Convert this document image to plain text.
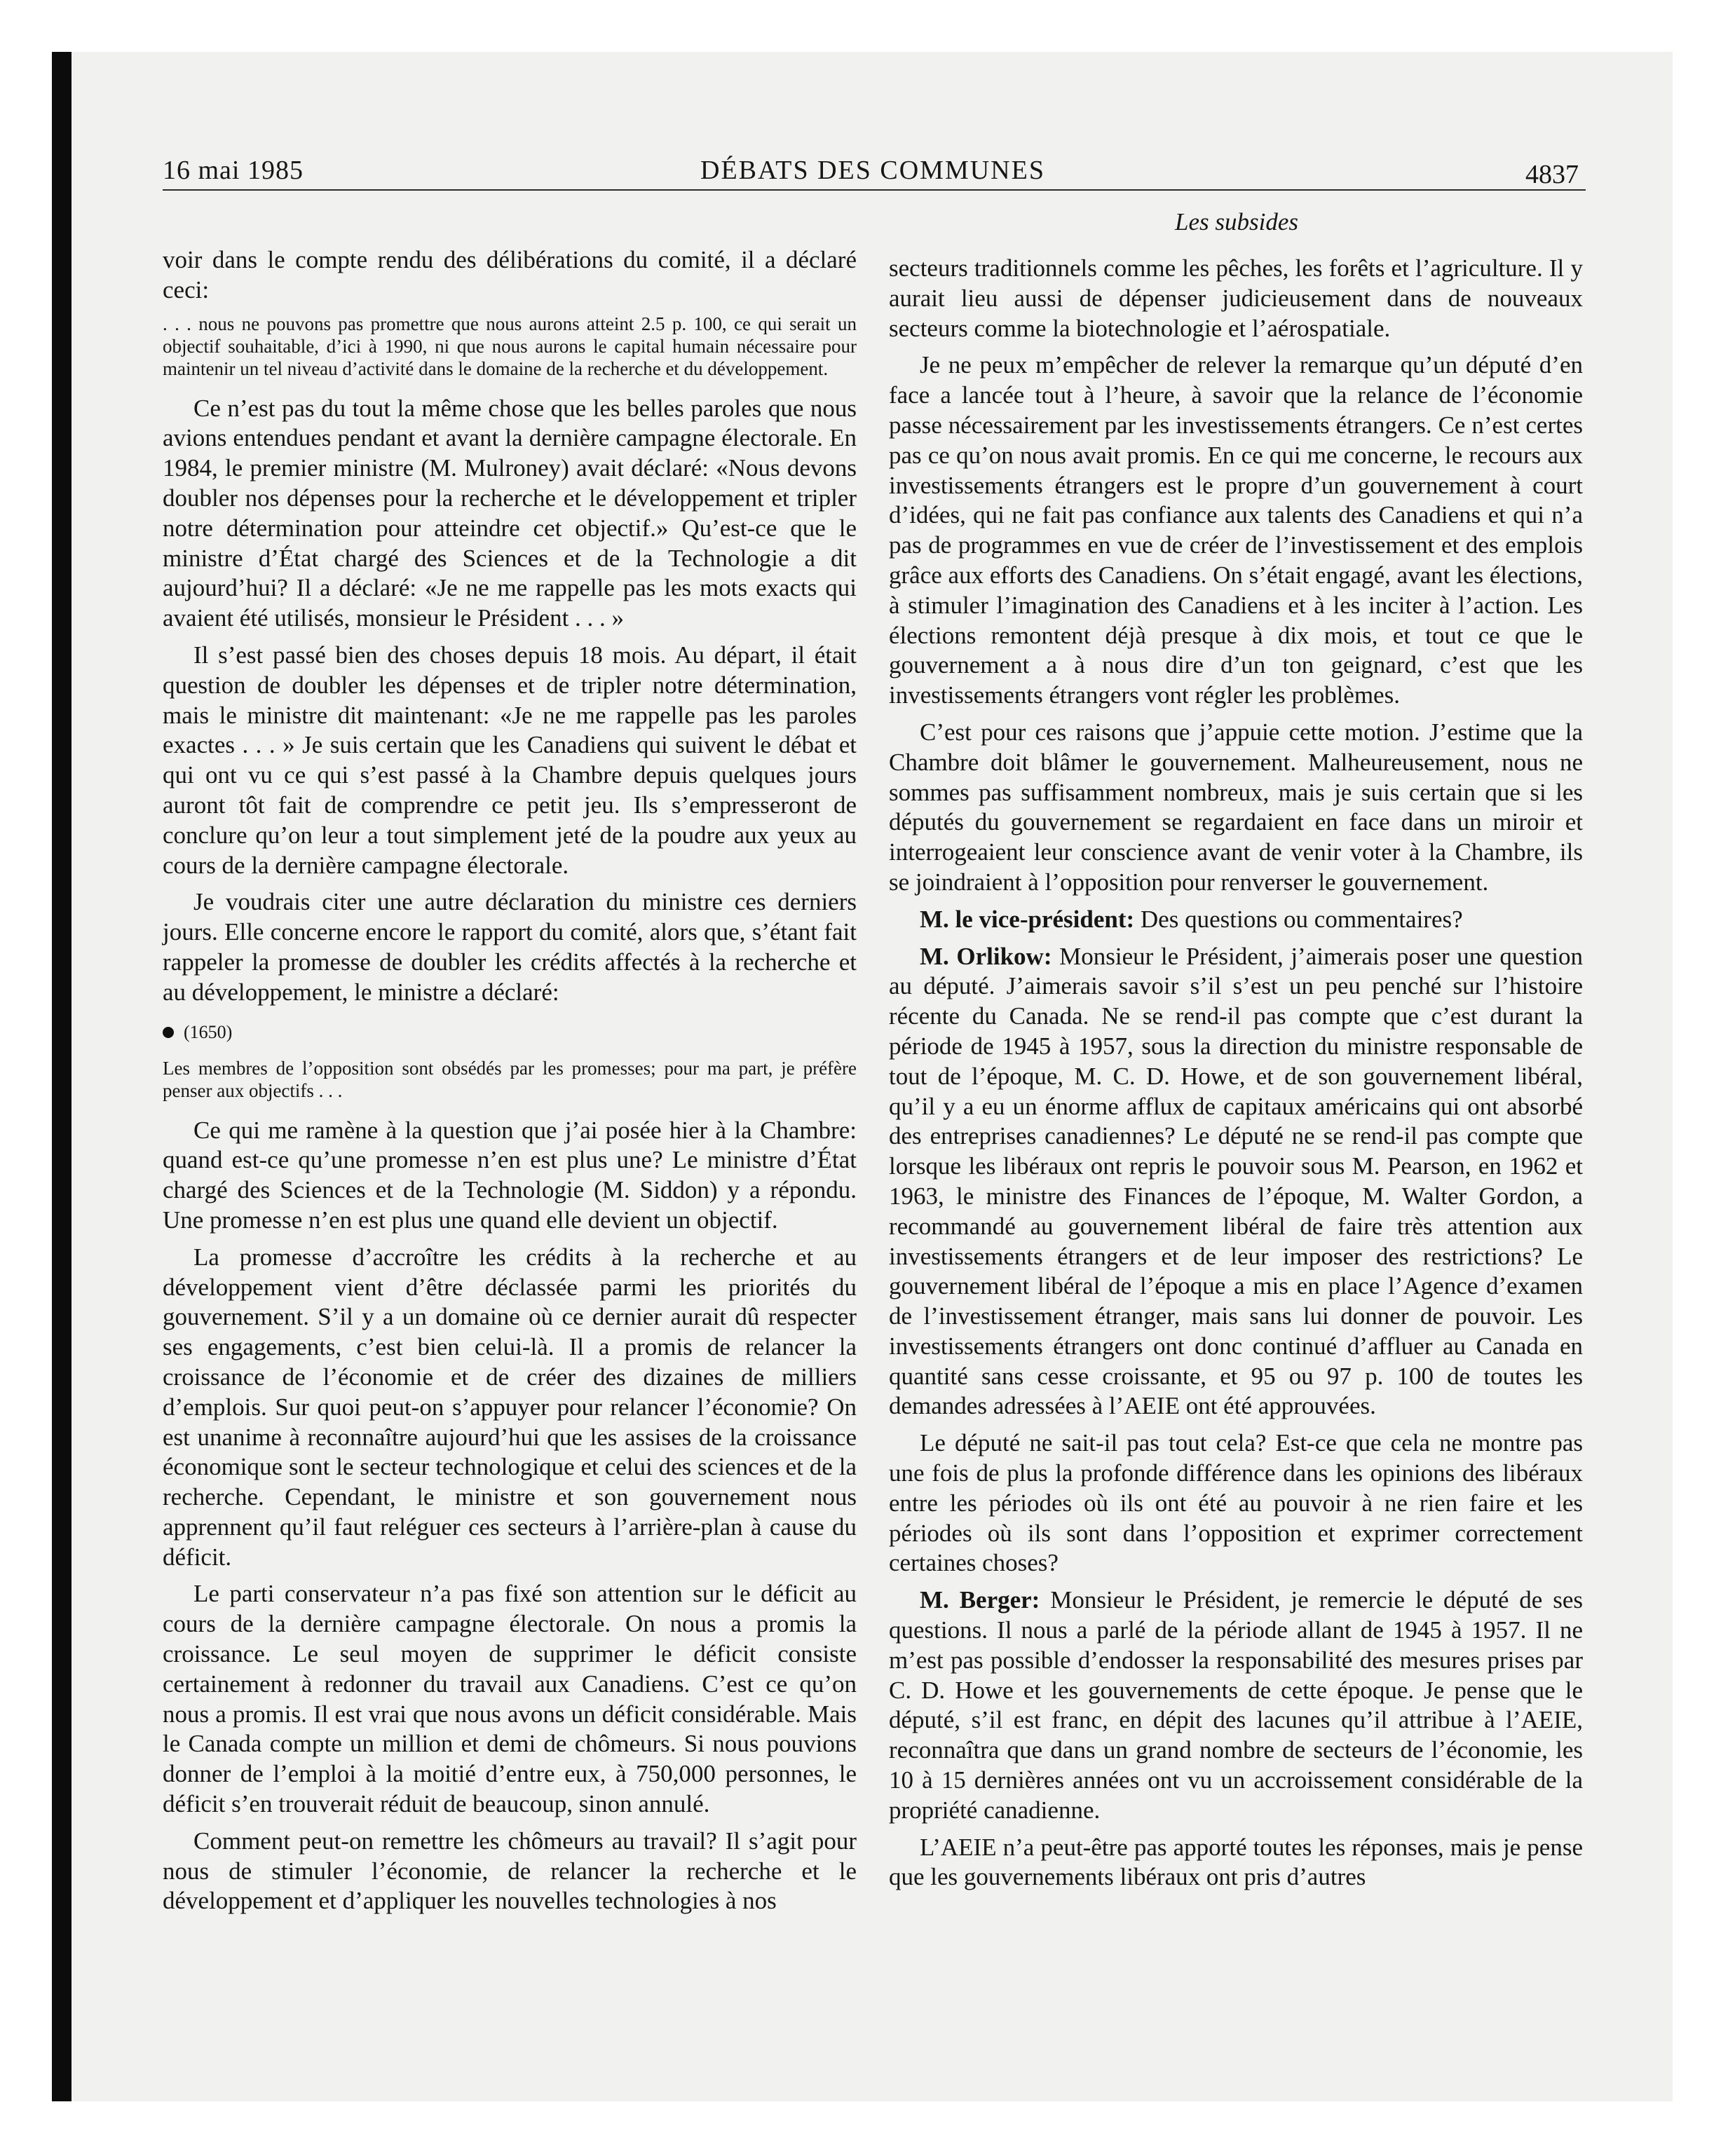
16 mai 1985	DÉBATS DES COMMUNES	4837
Les subsides

voir dans le compte rendu des délibérations du comité, il a déclaré ceci:

. . . nous ne pouvons pas promettre que nous aurons atteint 2.5 p. 100, ce qui serait un objectif souhaitable, d’ici à 1990, ni que nous aurons le capital humain nécessaire pour maintenir un tel niveau d’activité dans le domaine de la recherche et du développement.

Ce n’est pas du tout la même chose que les belles paroles que nous avions entendues pendant et avant la dernière campagne électorale. En 1984, le premier ministre (M. Mulroney) avait déclaré: «Nous devons doubler nos dépenses pour la recherche et le développement et tripler notre détermination pour atteindre cet objectif.» Qu’est-ce que le ministre d’État chargé des Sciences et de la Technologie a dit aujourd’hui? Il a déclaré: «Je ne me rappelle pas les mots exacts qui avaient été utilisés, monsieur le Président . . . »

Il s’est passé bien des choses depuis 18 mois. Au départ, il était question de doubler les dépenses et de tripler notre détermination, mais le ministre dit maintenant: «Je ne me rappelle pas les paroles exactes . . . » Je suis certain que les Canadiens qui suivent le débat et qui ont vu ce qui s’est passé à la Chambre depuis quelques jours auront tôt fait de comprendre ce petit jeu. Ils s’empresseront de conclure qu’on leur a tout simplement jeté de la poudre aux yeux au cours de la dernière campagne électorale.

Je voudrais citer une autre déclaration du ministre ces derniers jours. Elle concerne encore le rapport du comité, alors que, s’étant fait rappeler la promesse de doubler les crédits affectés à la recherche et au développement, le ministre a déclaré:

(1650)

Les membres de l’opposition sont obsédés par les promesses; pour ma part, je préfère penser aux objectifs . . .

Ce qui me ramène à la question que j’ai posée hier à la Chambre: quand est-ce qu’une promesse n’en est plus une? Le ministre d’État chargé des Sciences et de la Technologie (M. Siddon) y a répondu. Une promesse n’en est plus une quand elle devient un objectif.

La promesse d’accroître les crédits à la recherche et au développement vient d’être déclassée parmi les priorités du gouvernement. S’il y a un domaine où ce dernier aurait dû respecter ses engagements, c’est bien celui-là. Il a promis de relancer la croissance de l’économie et de créer des dizaines de milliers d’emplois. Sur quoi peut-on s’appuyer pour relancer l’économie? On est unanime à reconnaître aujourd’hui que les assises de la croissance économique sont le secteur technologique et celui des sciences et de la recherche. Cependant, le ministre et son gouvernement nous apprennent qu’il faut reléguer ces secteurs à l’arrière-plan à cause du déficit.

Le parti conservateur n’a pas fixé son attention sur le déficit au cours de la dernière campagne électorale. On nous a promis la croissance. Le seul moyen de supprimer le déficit consiste certainement à redonner du travail aux Canadiens. C’est ce qu’on nous a promis. Il est vrai que nous avons un déficit considérable. Mais le Canada compte un million et demi de chômeurs. Si nous pouvions donner de l’emploi à la moitié d’entre eux, à 750,000 personnes, le déficit s’en trouverait réduit de beaucoup, sinon annulé.

Comment peut-on remettre les chômeurs au travail? Il s’agit pour nous de stimuler l’économie, de relancer la recherche et le développement et d’appliquer les nouvelles technologies à nos

secteurs traditionnels comme les pêches, les forêts et l’agriculture. Il y aurait lieu aussi de dépenser judicieusement dans de nouveaux secteurs comme la biotechnologie et l’aérospatiale.

Je ne peux m’empêcher de relever la remarque qu’un député d’en face a lancée tout à l’heure, à savoir que la relance de l’économie passe nécessairement par les investissements étrangers. Ce n’est certes pas ce qu’on nous avait promis. En ce qui me concerne, le recours aux investissements étrangers est le propre d’un gouvernement à court d’idées, qui ne fait pas confiance aux talents des Canadiens et qui n’a pas de programmes en vue de créer de l’investissement et des emplois grâce aux efforts des Canadiens. On s’était engagé, avant les élections, à stimuler l’imagination des Canadiens et à les inciter à l’action. Les élections remontent déjà presque à dix mois, et tout ce que le gouvernement a à nous dire d’un ton geignard, c’est que les investissements étrangers vont régler les problèmes.

C’est pour ces raisons que j’appuie cette motion. J’estime que la Chambre doit blâmer le gouvernement. Malheureusement, nous ne sommes pas suffisamment nombreux, mais je suis certain que si les députés du gouvernement se regardaient en face dans un miroir et interrogeaient leur conscience avant de venir voter à la Chambre, ils se joindraient à l’opposition pour renverser le gouvernement.

M. le vice-président: Des questions ou commentaires?

M. Orlikow: Monsieur le Président, j’aimerais poser une question au député. J’aimerais savoir s’il s’est un peu penché sur l’histoire récente du Canada. Ne se rend-il pas compte que c’est durant la période de 1945 à 1957, sous la direction du ministre responsable de tout de l’époque, M. C. D. Howe, et de son gouvernement libéral, qu’il y a eu un énorme afflux de capitaux américains qui ont absorbé des entreprises canadiennes? Le député ne se rend-il pas compte que lorsque les libéraux ont repris le pouvoir sous M. Pearson, en 1962 et 1963, le ministre des Finances de l’époque, M. Walter Gordon, a recommandé au gouvernement libéral de faire très attention aux investissements étrangers et de leur imposer des restrictions? Le gouvernement libéral de l’époque a mis en place l’Agence d’examen de l’investissement étranger, mais sans lui donner de pouvoir. Les investissements étrangers ont donc continué d’affluer au Canada en quantité sans cesse croissante, et 95 ou 97 p. 100 de toutes les demandes adressées à l’AEIE ont été approuvées.

Le député ne sait-il pas tout cela? Est-ce que cela ne montre pas une fois de plus la profonde différence dans les opinions des libéraux entre les périodes où ils ont été au pouvoir à ne rien faire et les périodes où ils sont dans l’opposition et exprimer correctement certaines choses?

M. Berger: Monsieur le Président, je remercie le député de ses questions. Il nous a parlé de la période allant de 1945 à 1957. Il ne m’est pas possible d’endosser la responsabilité des mesures prises par C. D. Howe et les gouvernements de cette époque. Je pense que le député, s’il est franc, en dépit des lacunes qu’il attribue à l’AEIE, reconnaîtra que dans un grand nombre de secteurs de l’économie, les 10 à 15 dernières années ont vu un accroissement considérable de la propriété canadienne.

L’AEIE n’a peut-être pas apporté toutes les réponses, mais je pense que les gouvernements libéraux ont pris d’autres
